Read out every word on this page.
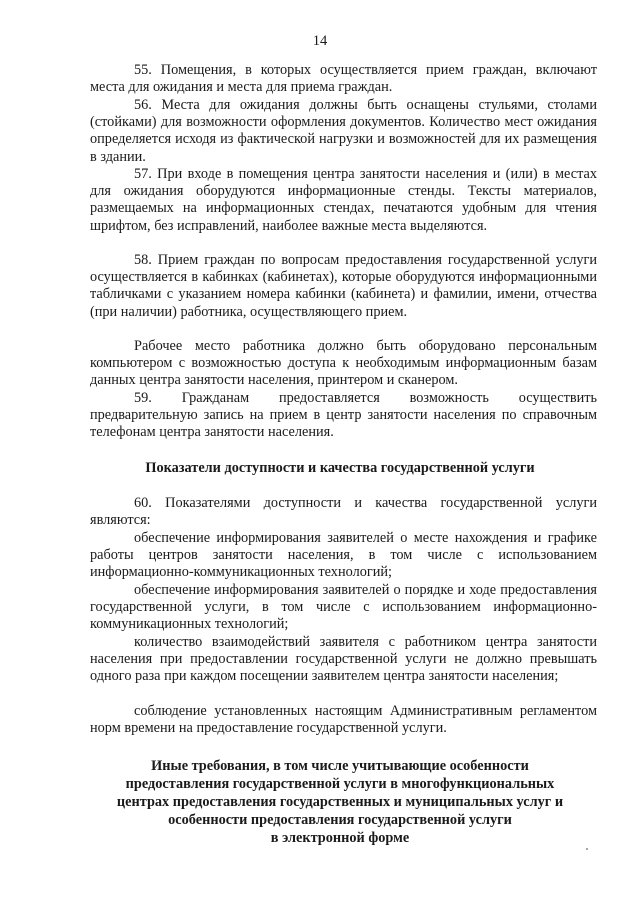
14

55. Помещения, в которых осуществляется прием граждан, включают места для ожидания и места для приема граждан.

56. Места для ожидания должны быть оснащены стульями, столами (стойками) для возможности оформления документов. Количество мест ожидания определяется исходя из фактической нагрузки и возможностей для их размещения в здании.

57. При входе в помещения центра занятости населения и (или) в местах для ожидания оборудуются информационные стенды. Тексты материалов, размещаемых на информационных стендах, печатаются удобным для чтения шрифтом, без исправлений, наиболее важные места выделяются.

58. Прием граждан по вопросам предоставления государственной услуги осуществляется в кабинках (кабинетах), которые оборудуются информационными табличками с указанием номера кабинки (кабинета) и фамилии, имени, отчества (при наличии) работника, осуществляющего прием.

Рабочее место работника должно быть оборудовано персональным компьютером с возможностью доступа к необходимым информационным базам данных центра занятости населения, принтером и сканером.

59. Гражданам предоставляется возможность осуществить предварительную запись на прием в центр занятости населения по справочным телефонам центра занятости населения.

Показатели доступности и качества государственной услуги

60. Показателями доступности и качества государственной услуги являются:

обеспечение информирования заявителей о месте нахождения и графике работы центров занятости населения, в том числе с использованием информационно-коммуникационных технологий;

обеспечение информирования заявителей о порядке и ходе предоставления государственной услуги, в том числе с использованием информационно-коммуникационных технологий;

количество взаимодействий заявителя с работником центра занятости населения при предоставлении государственной услуги не должно превышать одного раза при каждом посещении заявителем центра занятости населения;

соблюдение установленных настоящим Административным регламентом норм времени на предоставление государственной услуги.

Иные требования, в том числе учитывающие особенности

предоставления государственной услуги в многофункциональных

центрах предоставления государственных и муниципальных услуг и

особенности предоставления государственной услуги

в электронной форме
